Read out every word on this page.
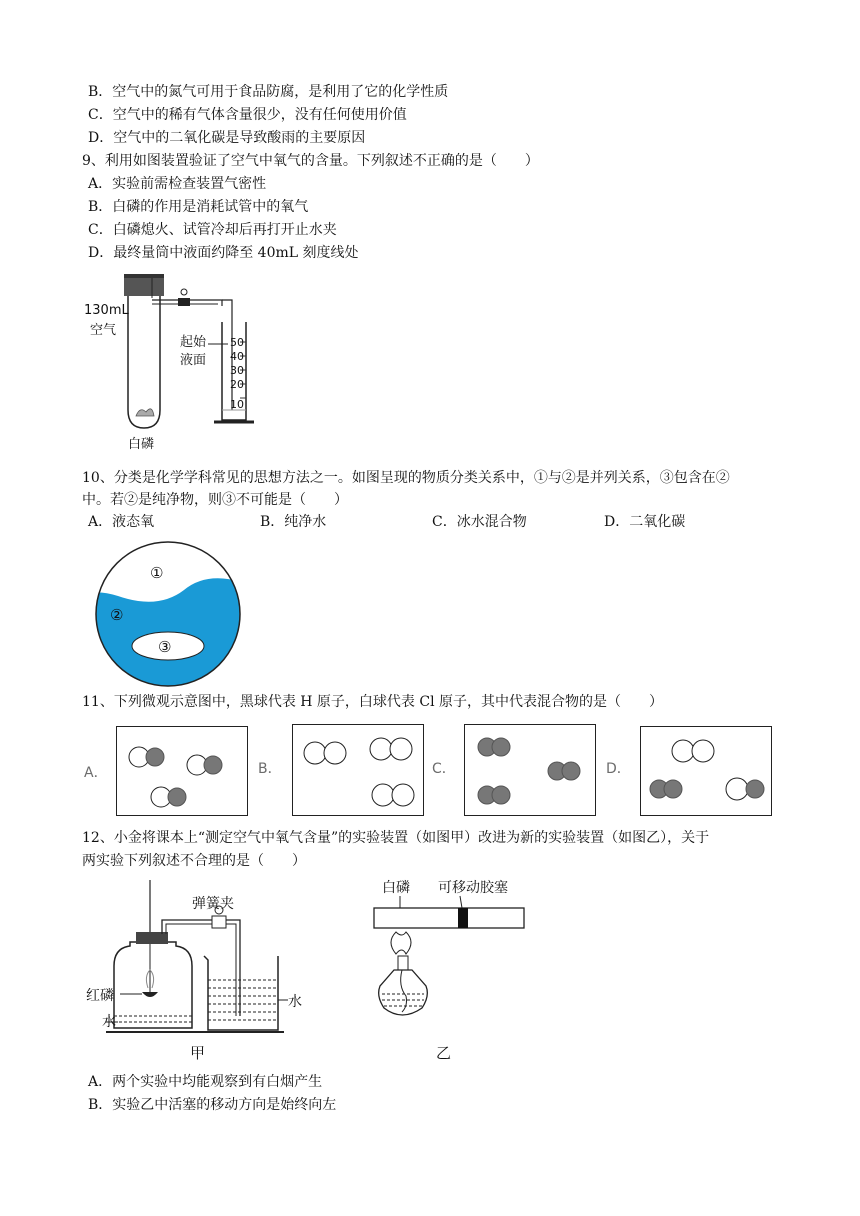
B．空气中的氮气可用于食品防腐，是利用了它的化学性质
C．空气中的稀有气体含量很少，没有任何使用价值
D．空气中的二氧化碳是导致酸雨的主要原因
9、利用如图装置验证了空气中氧气的含量。下列叙述不正确的是（　　）
A．实验前需检查装置气密性
B．白磷的作用是消耗试管中的氧气
C．白磷熄火、试管冷却后再打开止水夹
D．最终量筒中液面约降至 40mL 刻度线处
130mL
空气
起始
液面
50
40
30
20
10
白磷
10、分类是化学学科常见的思想方法之一。如图呈现的物质分类关系中，①与②是并列关系，③包含在②
中。若②是纯净物，则③不可能是（　　）
A．液态氧	B．纯净水	C．冰水混合物	D．二氧化碳
①
②
③
11、下列微观示意图中，黑球代表 H 原子，白球代表 Cl 原子，其中代表混合物的是（　　）
A．	B．	C．	D．
12、小金将课本上“测定空气中氧气含量”的实验装置（如图甲）改进为新的实验装置（如图乙），关于
两实验下列叙述不合理的是（　　）
弹簧夹
红磷
水
水
甲
白磷 可移动胶塞
乙
A．两个实验中均能观察到有白烟产生
B．实验乙中活塞的移动方向是始终向左
